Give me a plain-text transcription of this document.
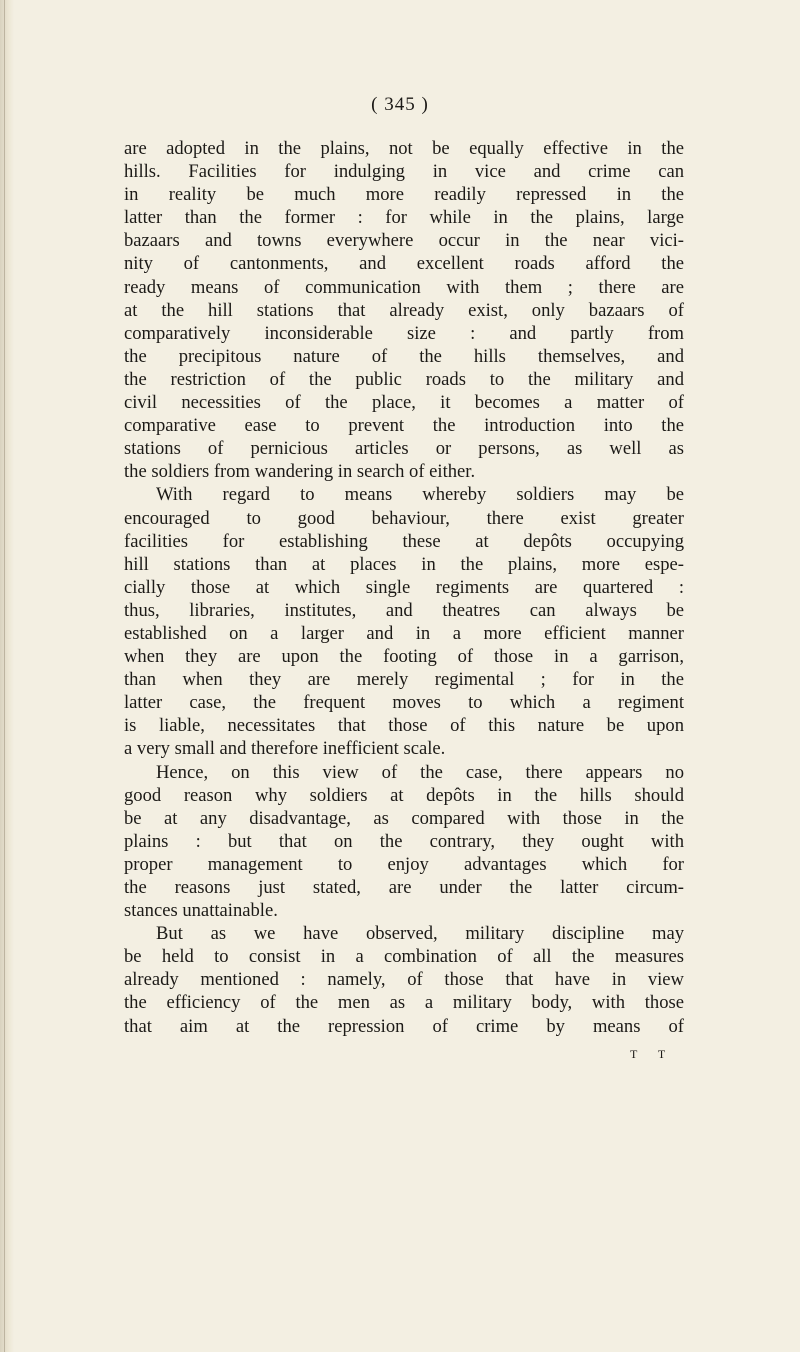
( 345 )
are adopted in the plains, not be equally effective in the
hills. Facilities for indulging in vice and crime can
in reality be much more readily repressed in the
latter than the former : for while in the plains, large
bazaars and towns everywhere occur in the near vici-
nity of cantonments, and excellent roads afford the
ready means of communication with them ; there are
at the hill stations that already exist, only bazaars of
comparatively inconsiderable size : and partly from
the precipitous nature of the hills themselves, and
the restriction of the public roads to the military and
civil necessities of the place, it becomes a matter of
comparative ease to prevent the introduction into the
stations of pernicious articles or persons, as well as
the soldiers from wandering in search of either.
With regard to means whereby soldiers may be
encouraged to good behaviour, there exist greater
facilities for establishing these at depôts occupying
hill stations than at places in the plains, more espe-
cially those at which single regiments are quartered :
thus, libraries, institutes, and theatres can always be
established on a larger and in a more efficient manner
when they are upon the footing of those in a garrison,
than when they are merely regimental ; for in the
latter case, the frequent moves to which a regiment
is liable, necessitates that those of this nature be upon
a very small and therefore inefficient scale.
Hence, on this view of the case, there appears no
good reason why soldiers at depôts in the hills should
be at any disadvantage, as compared with those in the
plains : but that on the contrary, they ought with
proper management to enjoy advantages which for
the reasons just stated, are under the latter circum-
stances unattainable.
But as we have observed, military discipline may
be held to consist in a combination of all the measures
already mentioned : namely, of those that have in view
the efficiency of the men as a military body, with those
that aim at the repression of crime by means of
T T
